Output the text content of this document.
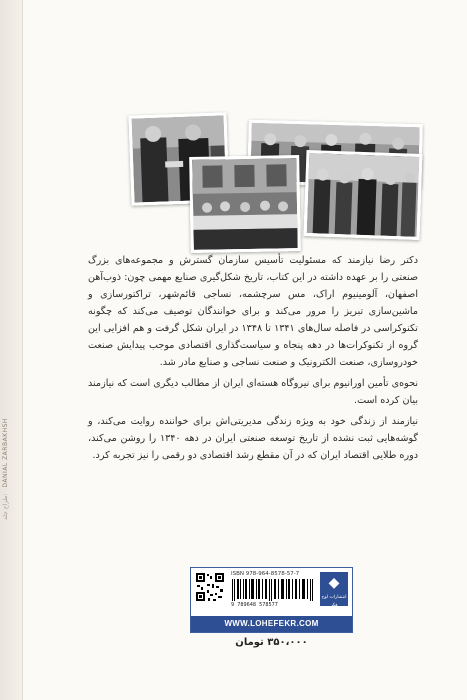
طراح جلد: DANIAL ZARBAKHSH

دکتر رضا نیازمند که مسئولیت تأسیس سازمان گسترش و مجموعه‌های بزرگ صنعتی را بر عهده داشته در این کتاب، تاریخ شکل‌گیری صنایع مهمی چون: ذوب‌آهن اصفهان، آلومینیوم اراک، مس سرچشمه، نساجی قائم‌شهر، تراکتورسازی و ماشین‌سازی تبریز را مرور می‌کند و برای خوانندگان توصیف می‌کند که چگونه تکنوکراسی در فاصله سال‌های ۱۳۴۱ تا ۱۳۴۸ در ایران شکل گرفت و هم افزایی این گروه از تکنوکرات‌ها در دهه پنجاه و سیاست‌گذاری اقتصادی موجب پیدایش صنعت خودروسازی، صنعت الکترونیک و صنعت نساجی و صنایع مادر شد.

نحوه‌ی تأمین اورانیوم برای نیروگاه هسته‌ای ایران از مطالب دیگری است که نیازمند بیان کرده است.

نیازمند از زندگی خود به ویژه زندگی مدیریتی‌اش برای خواننده روایت می‌کند، و گوشه‌هایی ثبت نشده از تاریخ توسعه صنعتی ایران در دهه ۱۳۴۰ را روشن می‌کند، دوره طلایی اقتصاد ایران که در آن مقطع رشد اقتصادی دو رقمی را نیز تجربه کرد.

ISBN 978-964-8578-57-7
9 789648 578577
◆
انتشارات لوح فکر
WWW.LOHEFEKR.COM
۳۵۰،۰۰۰ تومان
